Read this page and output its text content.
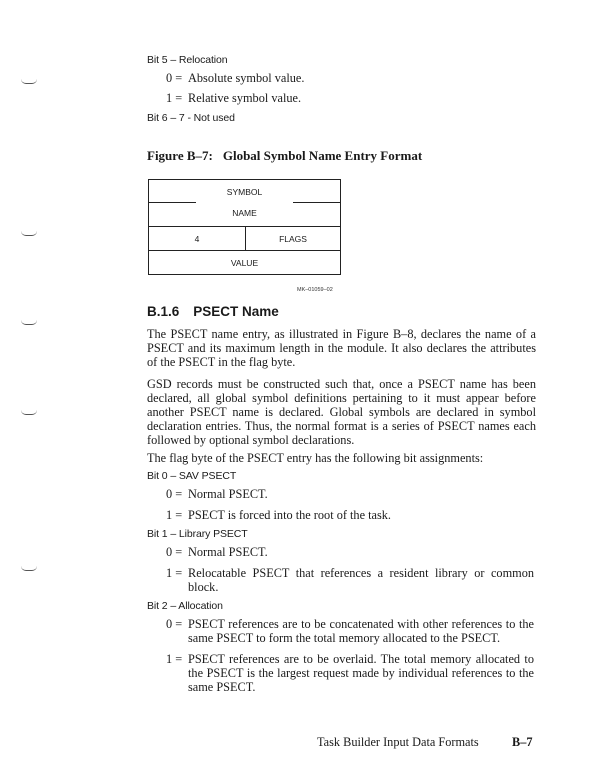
Bit 5 – Relocation
0 = Absolute symbol value.
1 = Relative symbol value.
Bit 6 – 7 - Not used
Figure B–7: Global Symbol Name Entry Format
SYMBOL
NAME
4	FLAGS
VALUE
MK–01059–02
B.1.6 PSECT Name
The PSECT name entry, as illustrated in Figure B–8, declares the name of a PSECT and its maximum length in the module. It also declares the attributes of the PSECT in the flag byte.
GSD records must be constructed such that, once a PSECT name has been declared, all global symbol definitions pertaining to it must appear before another PSECT name is declared. Global symbols are declared in symbol declaration entries. Thus, the normal format is a series of PSECT names each followed by optional symbol declarations.
The flag byte of the PSECT entry has the following bit assignments:
Bit 0 – SAV PSECT
0 = Normal PSECT.
1 = PSECT is forced into the root of the task.
Bit 1 – Library PSECT
0 = Normal PSECT.
1 = Relocatable PSECT that references a resident library or common block.
Bit 2 – Allocation
0 = PSECT references are to be concatenated with other references to the same PSECT to form the total memory allocated to the PSECT.
1 = PSECT references are to be overlaid. The total memory allocated to the PSECT is the largest request made by individual references to the same PSECT.
Task Builder Input Data Formats	B–7
